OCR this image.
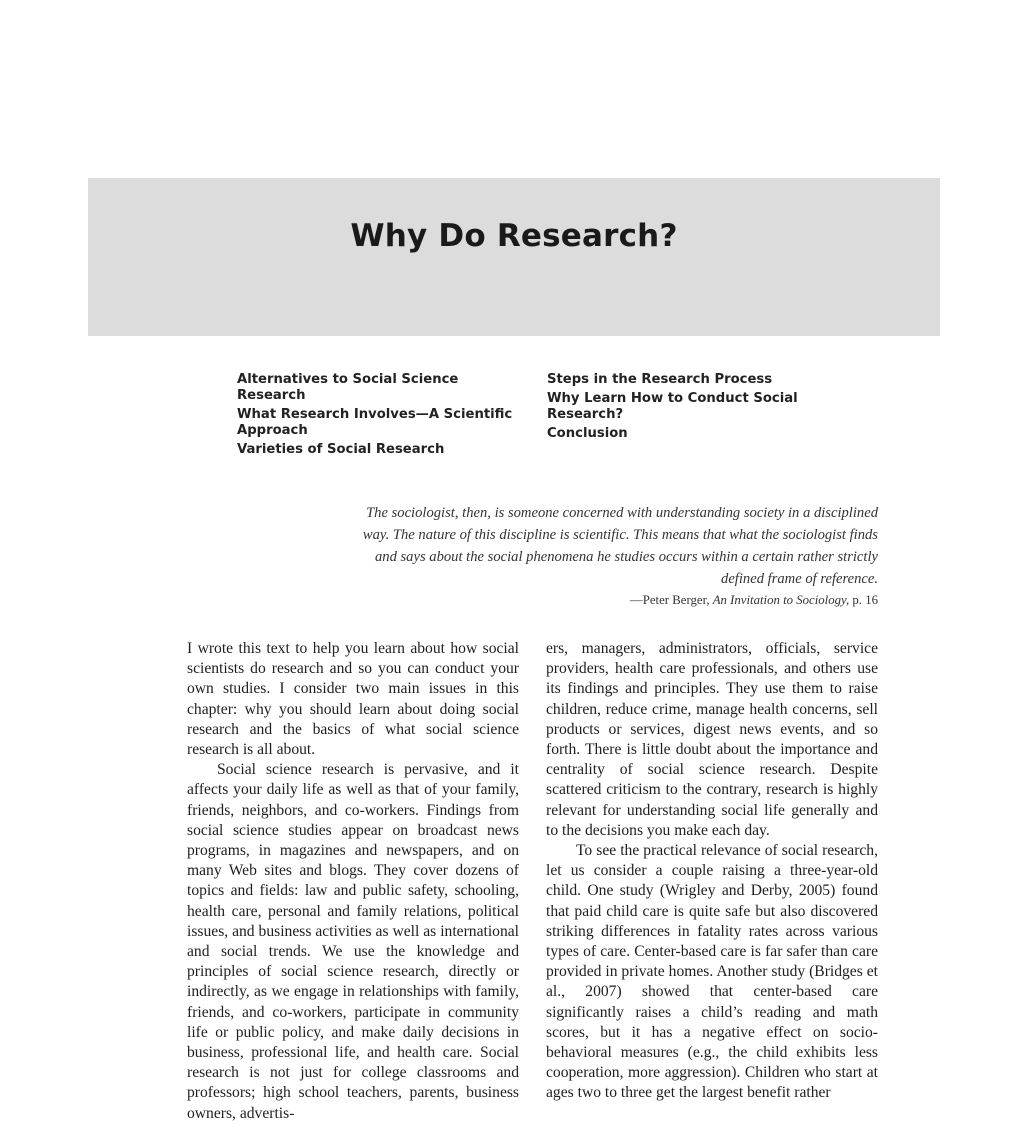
Why Do Research?
Alternatives to Social Science Research
What Research Involves—A Scientific Approach
Varieties of Social Research
Steps in the Research Process
Why Learn How to Conduct Social Research?
Conclusion

The sociologist, then, is someone concerned with understanding society in a disciplined way. The nature of this discipline is scientific. This means that what the sociologist finds and says about the social phenomena he studies occurs within a certain rather strictly defined frame of reference.

—Peter Berger, An Invitation to Sociology, p. 16

I wrote this text to help you learn about how social scientists do research and so you can conduct your own studies. I consider two main issues in this chapter: why you should learn about doing social research and the basics of what social science research is all about.

Social science research is pervasive, and it affects your daily life as well as that of your family, friends, neighbors, and co-workers. Findings from social science studies appear on broadcast news programs, in magazines and newspapers, and on many Web sites and blogs. They cover dozens of topics and fields: law and public safety, schooling, health care, personal and family relations, political issues, and business activities as well as international and social trends. We use the knowledge and principles of social science research, directly or indirectly, as we engage in relationships with family, friends, and co-workers, participate in community life or public policy, and make daily decisions in business, professional life, and health care. Social research is not just for college classrooms and professors; high school teachers, parents, business owners, advertis-

ers, managers, administrators, officials, service providers, health care professionals, and others use its findings and principles. They use them to raise children, reduce crime, manage health concerns, sell products or services, digest news events, and so forth. There is little doubt about the importance and centrality of social science research. Despite scattered criticism to the contrary, research is highly relevant for understanding social life generally and to the decisions you make each day.

To see the practical relevance of social research, let us consider a couple raising a three-year-old child. One study (Wrigley and Derby, 2005) found that paid child care is quite safe but also discovered striking differences in fatality rates across various types of care. Center-based care is far safer than care provided in private homes. Another study (Bridges et al., 2007) showed that center-based care significantly raises a child’s reading and math scores, but it has a negative effect on socio-behavioral measures (e.g., the child exhibits less cooperation, more aggression). Children who start at ages two to three get the largest benefit rather
